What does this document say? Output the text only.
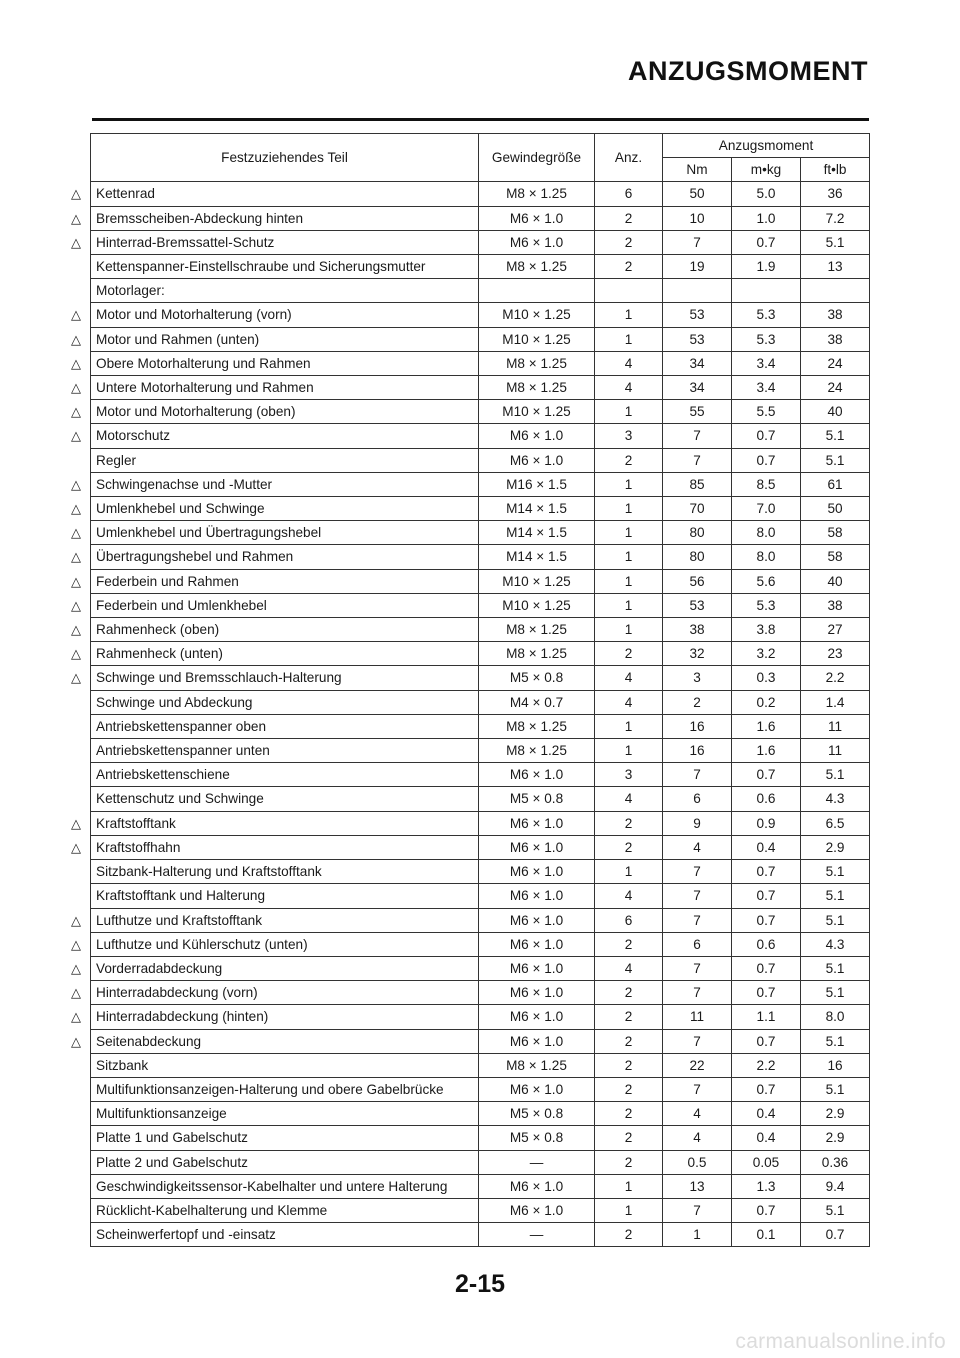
ANZUGSMOMENT
Festzuziehendes Teil	Gewindegröße	Anz.	Anzugsmoment		
			Nm	m•kg	ft•lb

△ Kettenrad	M8 × 1.25	6	50	5.0	36

△ Bremsscheiben-Abdeckung hinten	M6 × 1.0	2	10	1.0	7.2

△ Hinterrad-Bremssattel-Schutz	M6 × 1.0	2	7	0.7	5.1
Kettenspanner-Einstellschraube und Sicherungsmutter	M8 × 1.25	2	19	1.9	13
Motorlager:					

△ Motor und Motorhalterung (vorn)	M10 × 1.25	1	53	5.3	38

△ Motor und Rahmen (unten)	M10 × 1.25	1	53	5.3	38

△ Obere Motorhalterung und Rahmen	M8 × 1.25	4	34	3.4	24

△ Untere Motorhalterung und Rahmen	M8 × 1.25	4	34	3.4	24

△ Motor und Motorhalterung (oben)	M10 × 1.25	1	55	5.5	40

△ Motorschutz	M6 × 1.0	3	7	0.7	5.1
Regler	M6 × 1.0	2	7	0.7	5.1

△ Schwingenachse und -Mutter	M16 × 1.5	1	85	8.5	61

△ Umlenkhebel und Schwinge	M14 × 1.5	1	70	7.0	50

△ Umlenkhebel und Übertragungshebel	M14 × 1.5	1	80	8.0	58

△ Übertragungshebel und Rahmen	M14 × 1.5	1	80	8.0	58

△ Federbein und Rahmen	M10 × 1.25	1	56	5.6	40

△ Federbein und Umlenkhebel	M10 × 1.25	1	53	5.3	38

△ Rahmenheck (oben)	M8 × 1.25	1	38	3.8	27

△ Rahmenheck (unten)	M8 × 1.25	2	32	3.2	23

△ Schwinge und Bremsschlauch-Halterung	M5 × 0.8	4	3	0.3	2.2
Schwinge und Abdeckung	M4 × 0.7	4	2	0.2	1.4
Antriebskettenspanner oben	M8 × 1.25	1	16	1.6	11
Antriebskettenspanner unten	M8 × 1.25	1	16	1.6	11
Antriebskettenschiene	M6 × 1.0	3	7	0.7	5.1
Kettenschutz und Schwinge	M5 × 0.8	4	6	0.6	4.3

△ Kraftstofftank	M6 × 1.0	2	9	0.9	6.5

△ Kraftstoffhahn	M6 × 1.0	2	4	0.4	2.9
Sitzbank-Halterung und Kraftstofftank	M6 × 1.0	1	7	0.7	5.1
Kraftstofftank und Halterung	M6 × 1.0	4	7	0.7	5.1

△ Lufthutze und Kraftstofftank	M6 × 1.0	6	7	0.7	5.1

△ Lufthutze und Kühlerschutz (unten)	M6 × 1.0	2	6	0.6	4.3

△ Vorderradabdeckung	M6 × 1.0	4	7	0.7	5.1

△ Hinterradabdeckung (vorn)	M6 × 1.0	2	7	0.7	5.1

△ Hinterradabdeckung (hinten)	M6 × 1.0	2	11	1.1	8.0

△ Seitenabdeckung	M6 × 1.0	2	7	0.7	5.1
Sitzbank	M8 × 1.25	2	22	2.2	16
Multifunktionsanzeigen-Halterung und obere Gabelbrücke	M6 × 1.0	2	7	0.7	5.1
Multifunktionsanzeige	M5 × 0.8	2	4	0.4	2.9
Platte 1 und Gabelschutz	M5 × 0.8	2	4	0.4	2.9
Platte 2 und Gabelschutz	—	2	0.5	0.05	0.36
Geschwindigkeitssensor-Kabelhalter und untere Halterung	M6 × 1.0	1	13	1.3	9.4
Rücklicht-Kabelhalterung und Klemme	M6 × 1.0	1	7	0.7	5.1
Scheinwerfertopf und -einsatz	—	2	1	0.1	0.7
2-15
carmanualsonline.info
